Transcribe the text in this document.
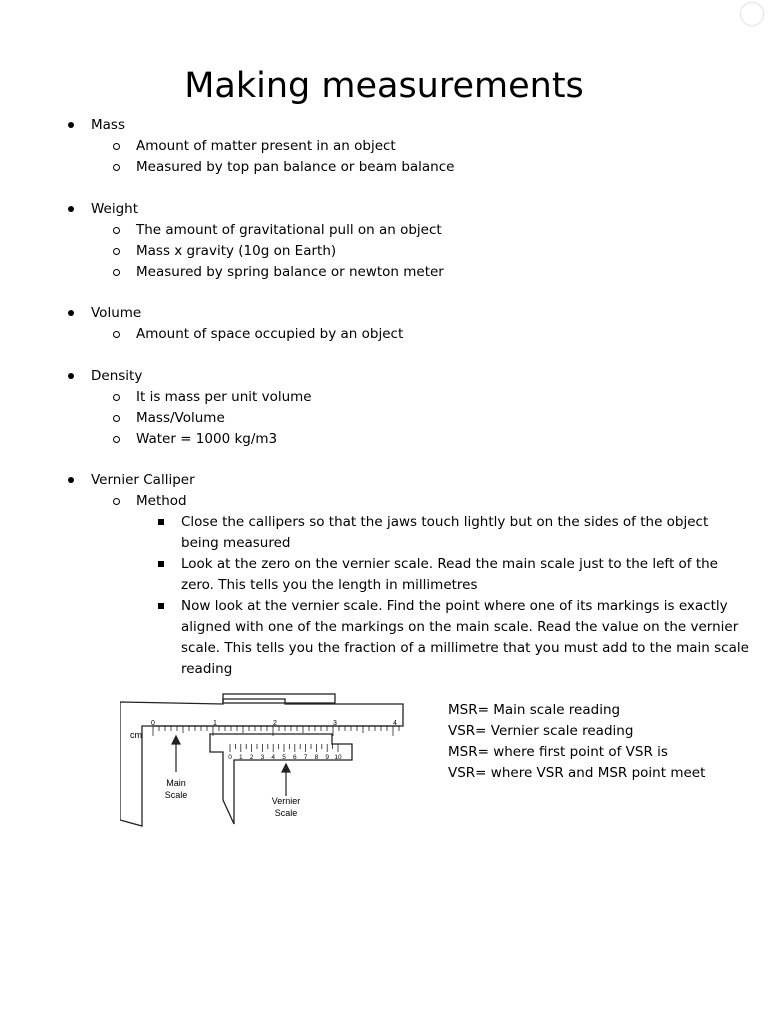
Making measurements
Mass
Amount of matter present in an object
Measured by top pan balance or beam balance
Weight
The amount of gravitational pull on an object
Mass x gravity (10g on Earth)
Measured by spring balance or newton meter
Volume
Amount of space occupied by an object
Density
It is mass per unit volume
Mass/Volume
Water = 1000 kg/m3
Vernier Calliper
Method
Close the callipers so that the jaws touch lightly but on the sides of the object
being measured
Look at the zero on the vernier scale. Read the main scale just to the left of the
zero. This tells you the length in millimetres
Now look at the vernier scale. Find the point where one of its markings is exactly
aligned with one of the markings on the main scale. Read the value on the vernier
scale. This tells you the fraction of a millimetre that you must add to the main scale
reading
cm
0	1	2	3	4
0 1 2 3 4 5 6 7 8 9 10
Main
Scale
Vernier
Scale
MSR= Main scale reading
VSR= Vernier scale reading
MSR= where first point of VSR is
VSR= where VSR and MSR point meet
